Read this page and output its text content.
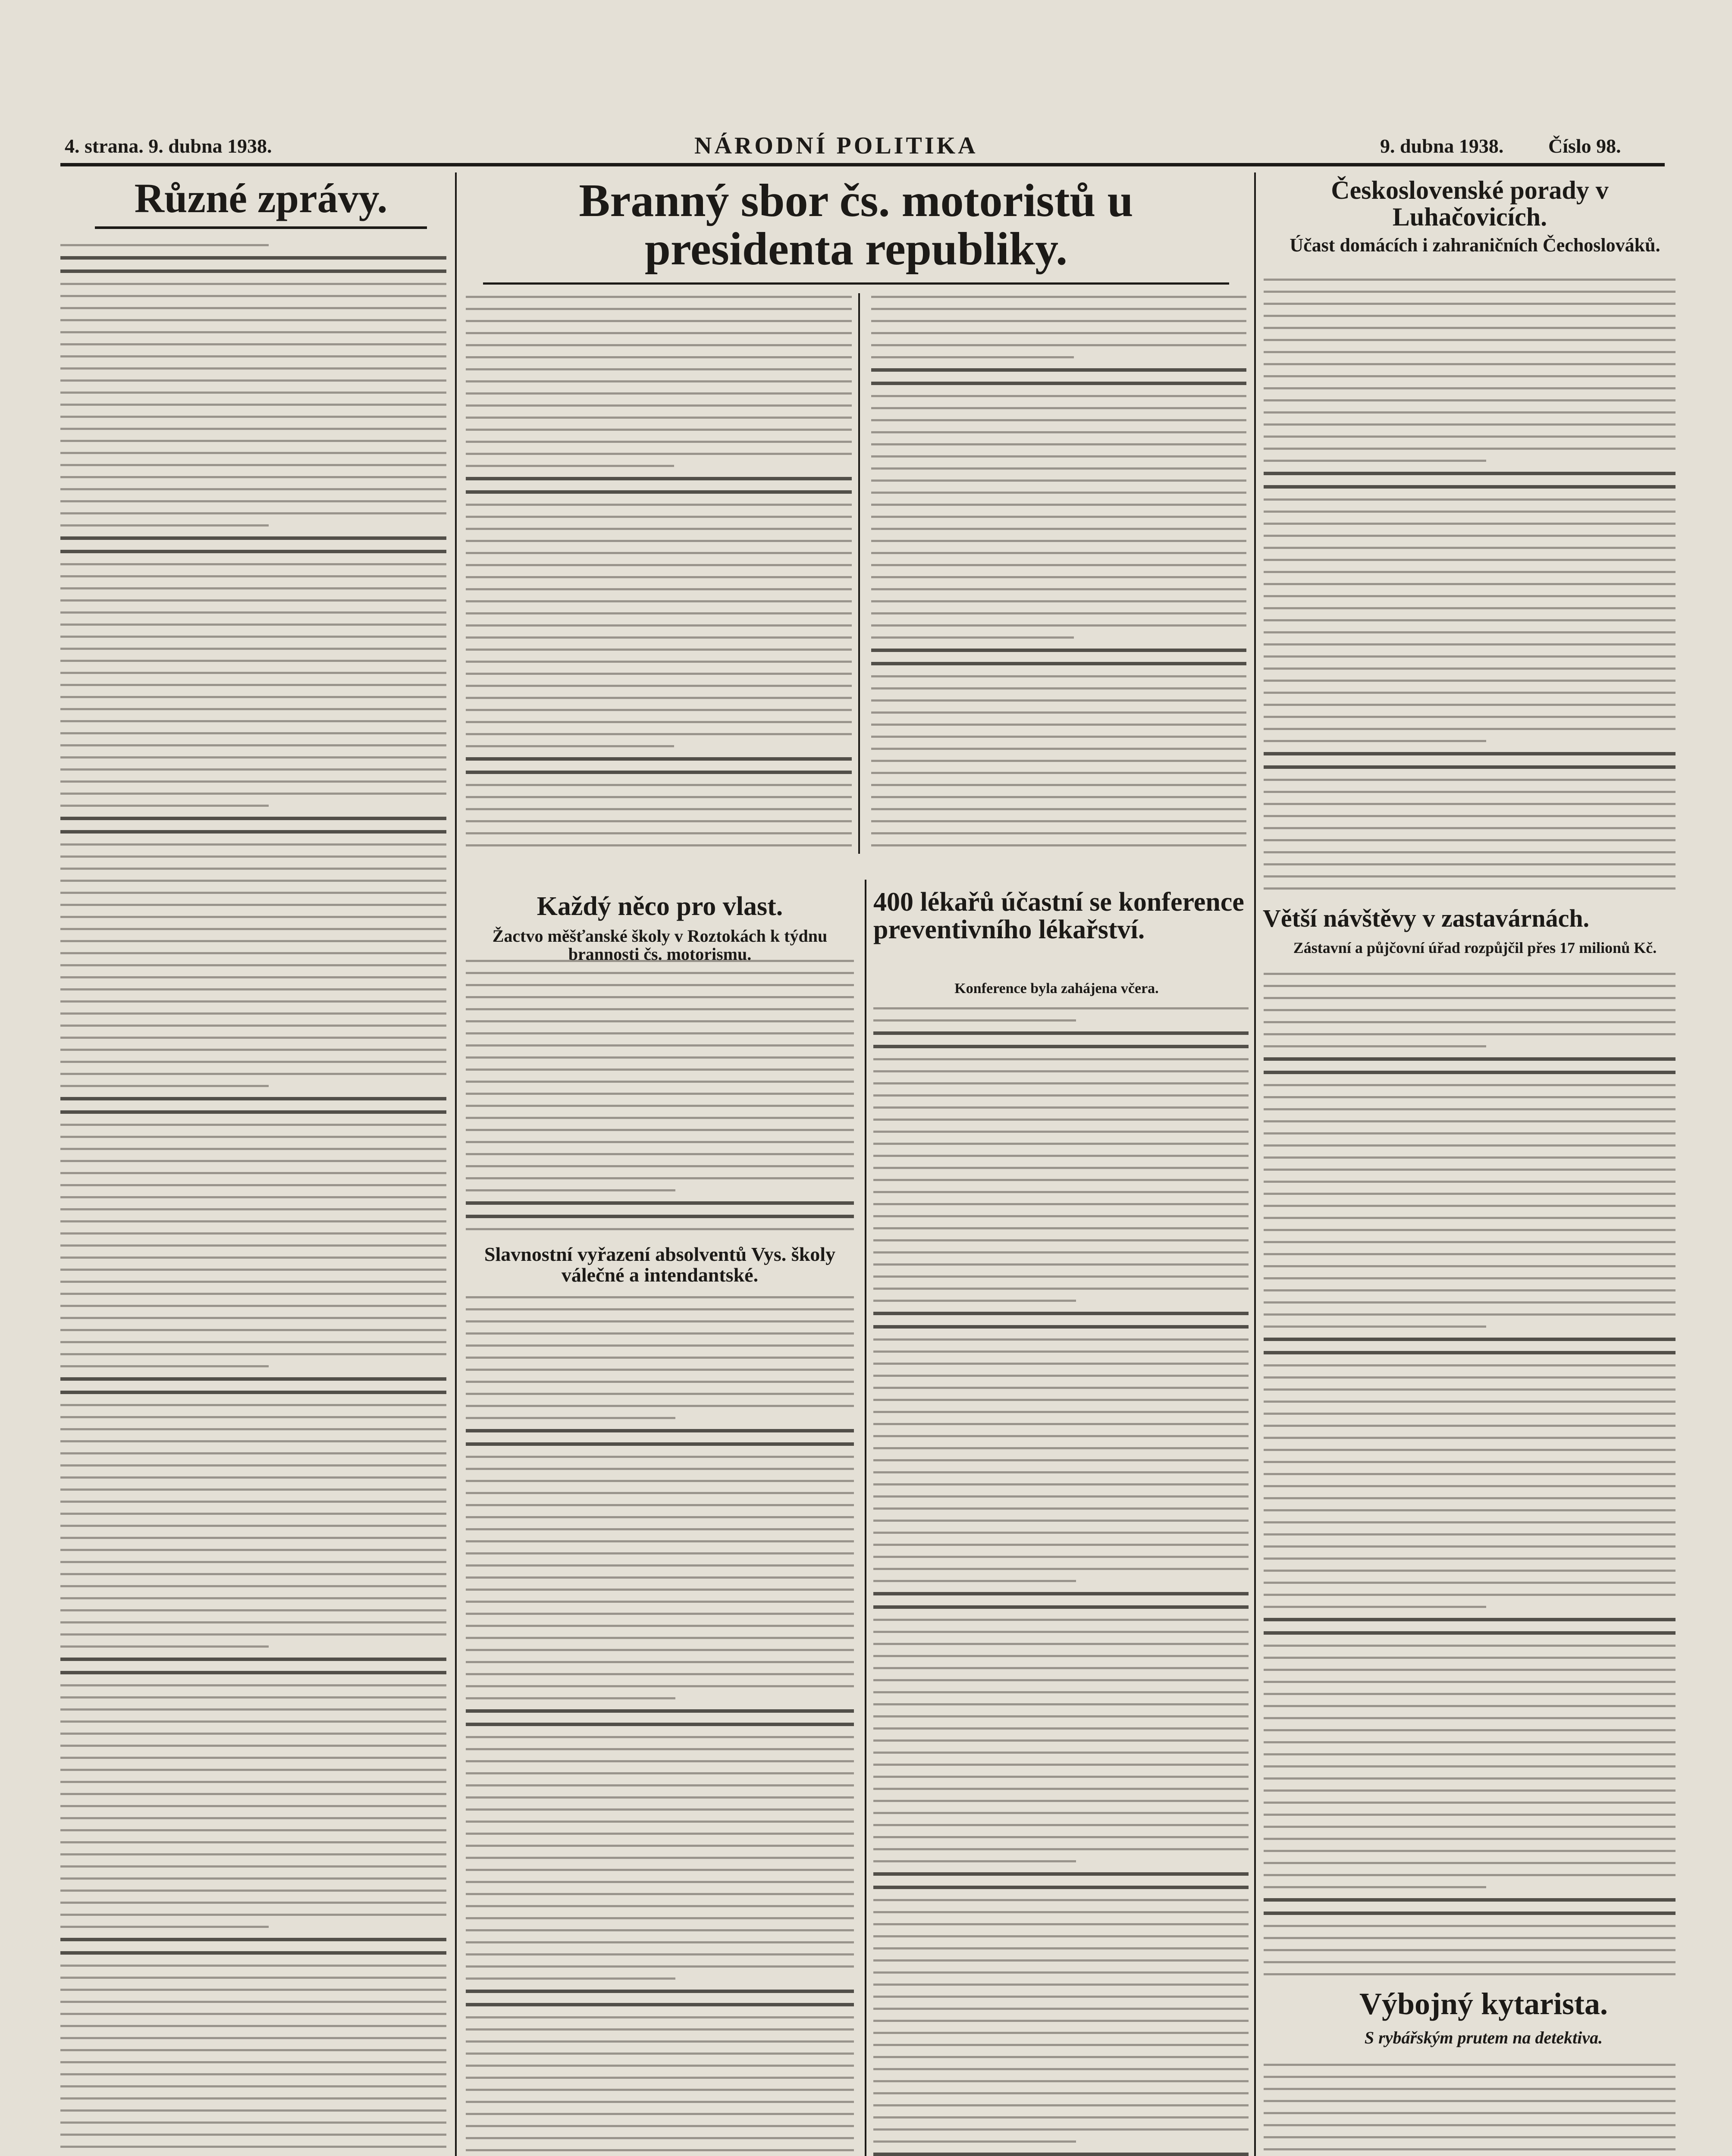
4. strana. 9. dubna 1938.	NÁRODNÍ POLITIKA	9. dubna 1938. Číslo 98.
Různé zprávy.	Branný sbor čs. motoristů u presidenta republiky.
Československé porady v Luhačovicích.
Účast domácích i zahraničních Čechoslováků.
Větší návštěvy v zastavárnách.
Zástavní a půjčovní úřad rozpůjčil přes 17 milionů Kč.
Každý něco pro vlast.
Žactvo měšťanské školy v Roztokách k týdnu brannosti čs. motorismu.
Slavnostní vyřazení absolventů Vys. školy válečné a intendantské.
400 lékařů účastní se konference preventivního lékařství.
Konference byla zahájena včera.
Výbojný kytarista.
S rybářským prutem na detektiva.
